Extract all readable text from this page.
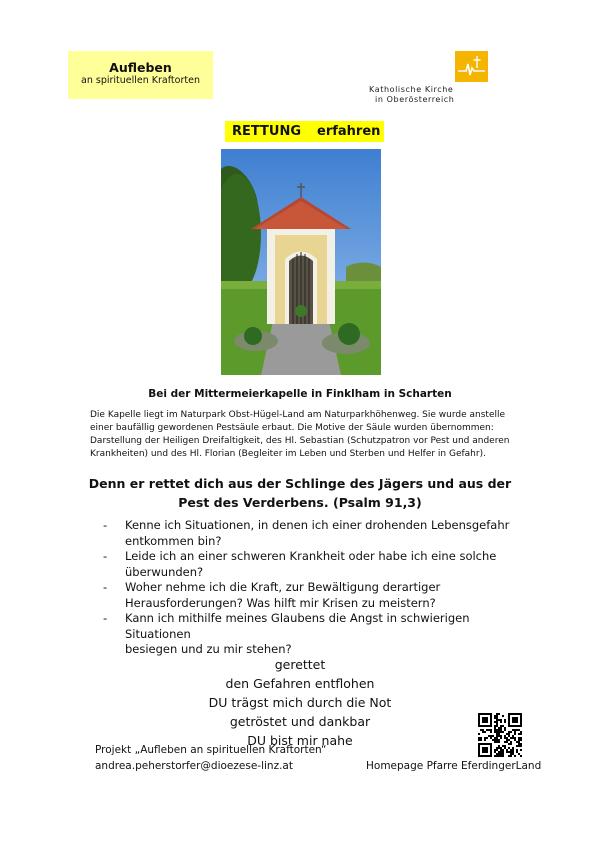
Aufleben
an spirituellen Kraftorten
Katholische Kirche
in Oberösterreich
RETTUNG erfahren
Bei der Mittermeierkapelle in Finklham in Scharten
Die Kapelle liegt im Naturpark Obst-Hügel-Land am Naturparkhöhenweg. Sie wurde anstelle
einer baufällig gewordenen Pestsäule erbaut. Die Motive der Säule wurden übernommen:
Darstellung der Heiligen Dreifaltigkeit, des Hl. Sebastian (Schutzpatron vor Pest und anderen
Krankheiten) und des Hl. Florian (Begleiter im Leben und Sterben und Helfer in Gefahr).
Denn er rettet dich aus der Schlinge des Jägers und aus der
Pest des Verderbens. (Psalm 91,3)
- Kenne ich Situationen, in denen ich einer drohenden Lebensgefahr
entkommen bin?
- Leide ich an einer schweren Krankheit oder habe ich eine solche
überwunden?
- Woher nehme ich die Kraft, zur Bewältigung derartiger
Herausforderungen? Was hilft mir Krisen zu meistern?
- Kann ich mithilfe meines Glaubens die Angst in schwierigen Situationen
besiegen und zu mir stehen?
gerettet
den Gefahren entflohen
DU trägst mich durch die Not
getröstet und dankbar
DU bist mir nahe
Projekt „Aufleben an spirituellen Kraftorten“
andrea.peherstorfer@dioezese-linz.at	Homepage Pfarre EferdingerLand
